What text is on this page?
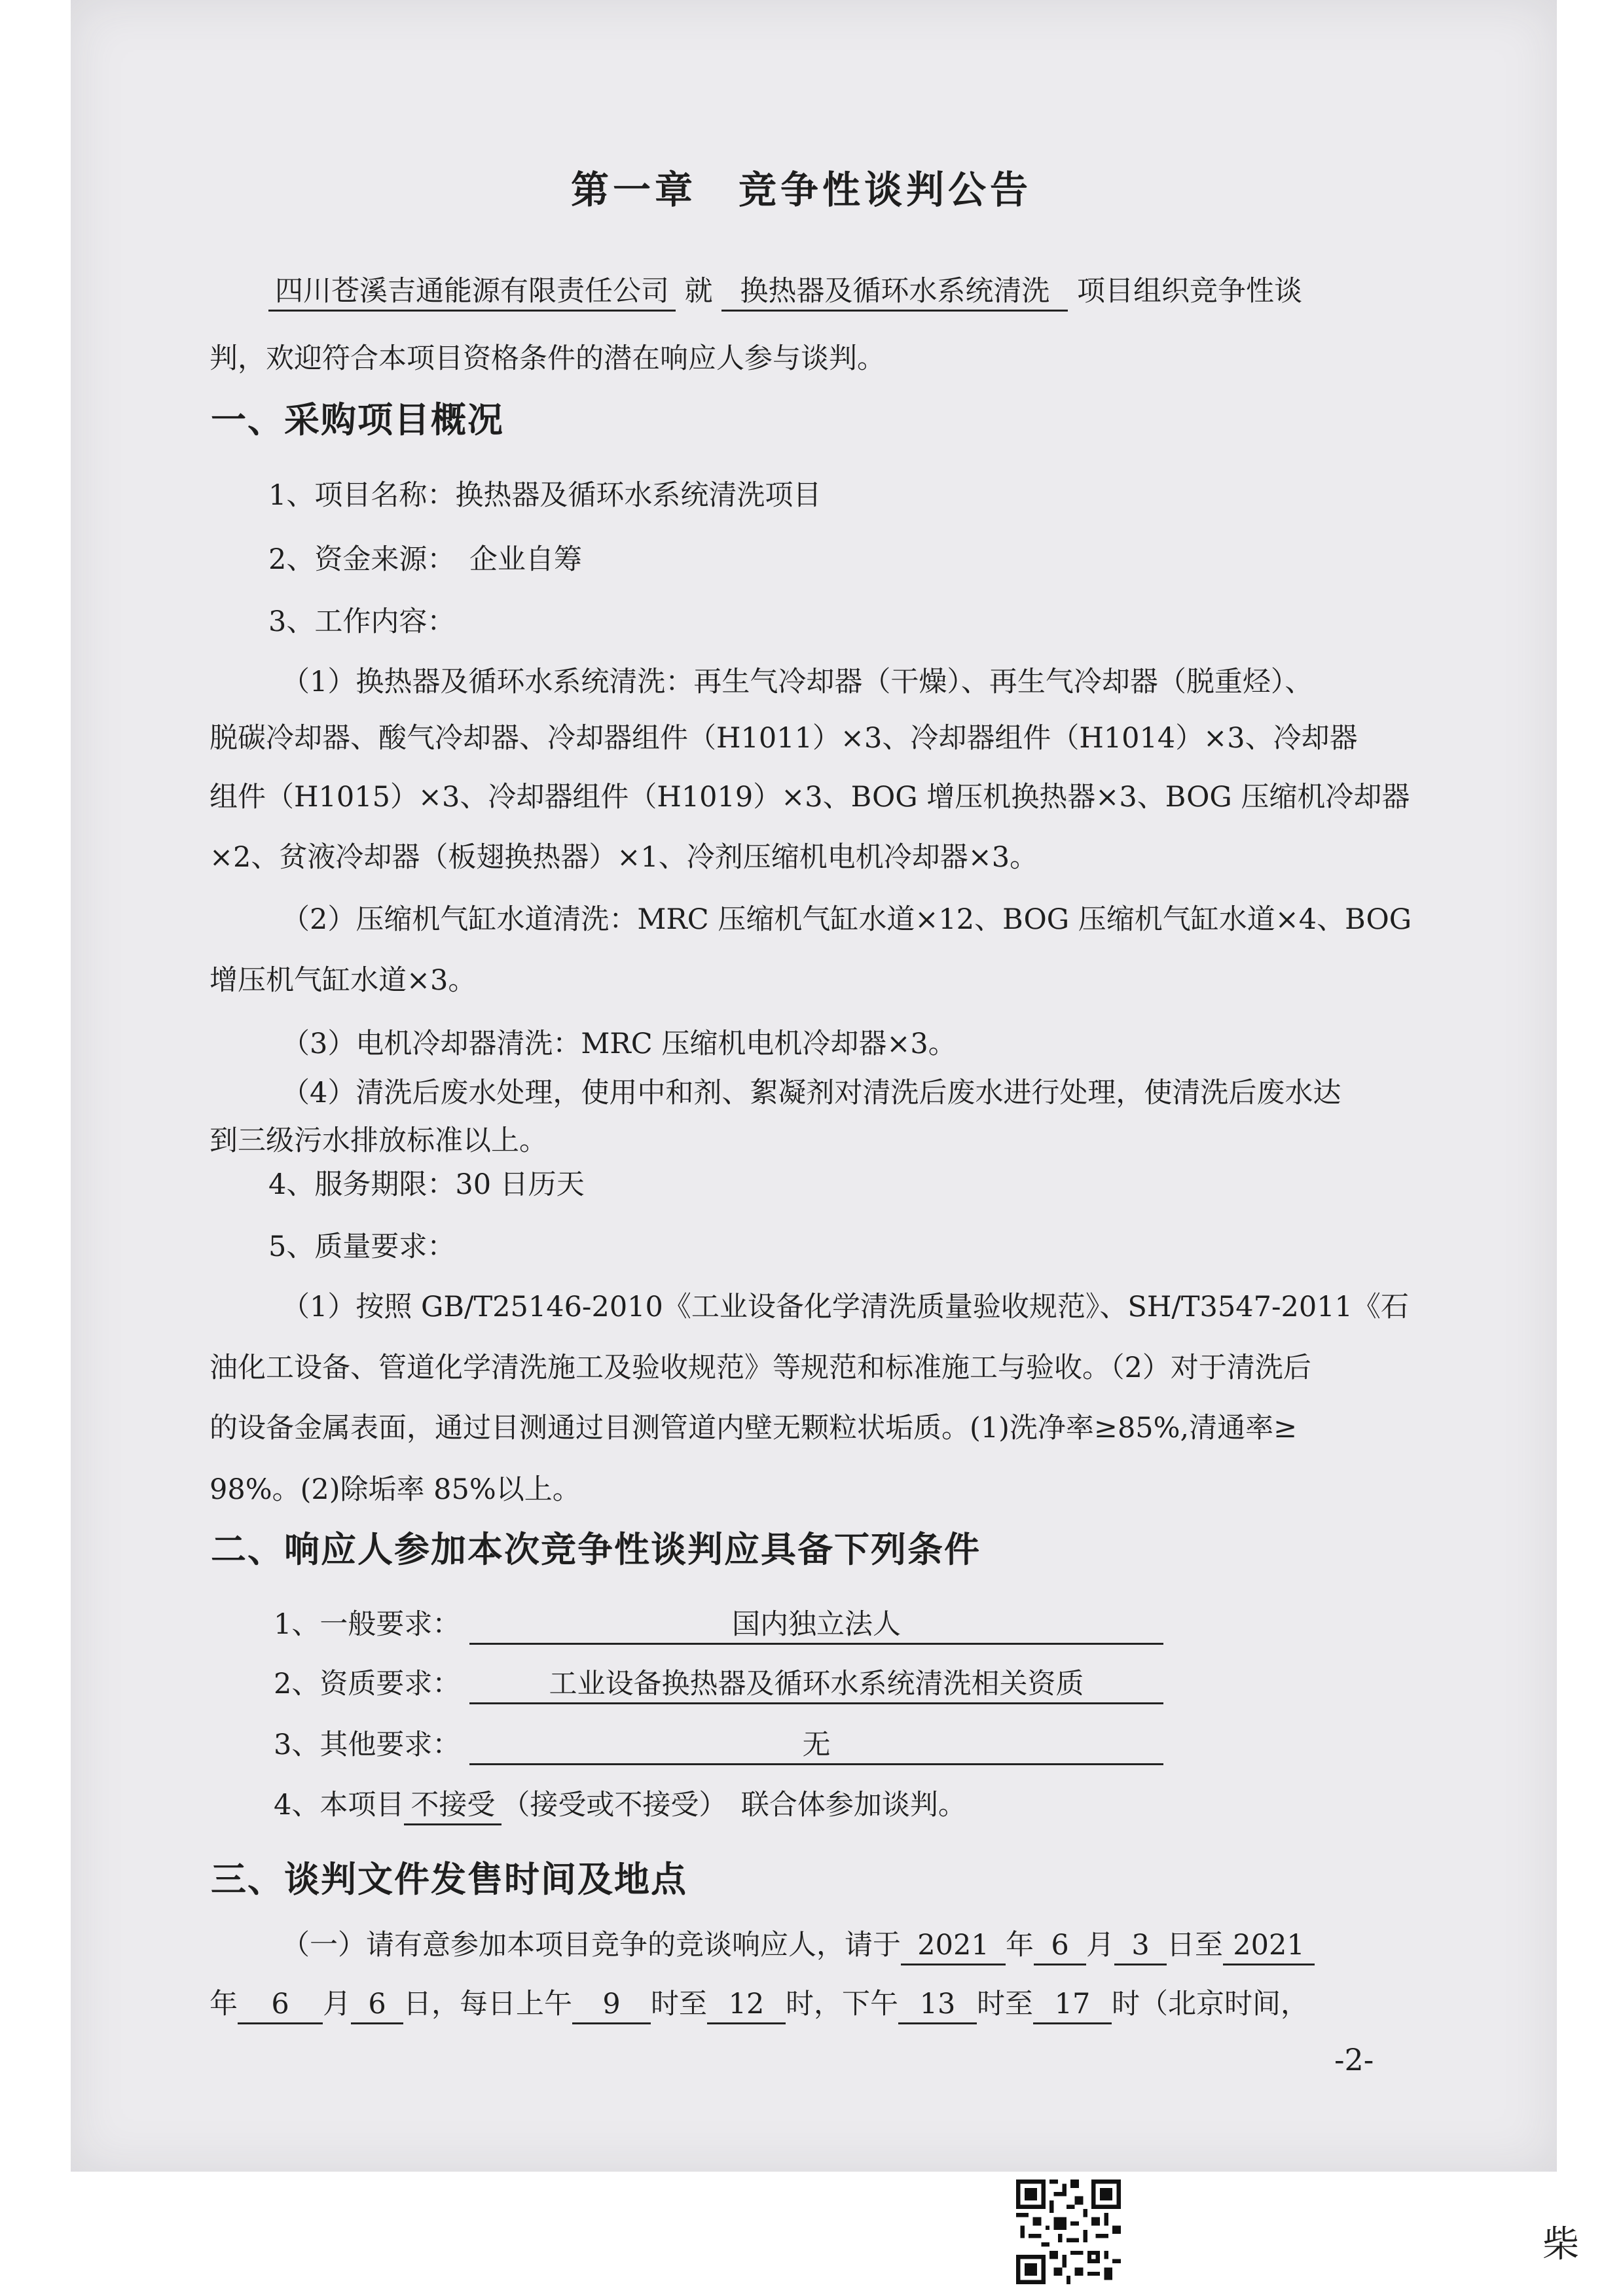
第一章　竞争性谈判公告
四川苍溪吉通能源有限责任公司 就 换热器及循环水系统清洗 项目组织竞争性谈
判，欢迎符合本项目资格条件的潜在响应人参与谈判。
一、采购项目概况
1、项目名称：换热器及循环水系统清洗项目
2、资金来源：　企业自筹
3、工作内容：
（1）换热器及循环水系统清洗：再生气冷却器（干燥）、再生气冷却器（脱重烃）、
脱碳冷却器、酸气冷却器、冷却器组件（H1011）×3、冷却器组件（H1014）×3、冷却器
组件（H1015）×3、冷却器组件（H1019）×3、BOG 增压机换热器×3、BOG 压缩机冷却器
×2、贫液冷却器（板翅换热器）×1、冷剂压缩机电机冷却器×3。
（2）压缩机气缸水道清洗：MRC 压缩机气缸水道×12、BOG 压缩机气缸水道×4、BOG
增压机气缸水道×3。
（3）电机冷却器清洗：MRC 压缩机电机冷却器×3。
（4）清洗后废水处理，使用中和剂、絮凝剂对清洗后废水进行处理，使清洗后废水达
到三级污水排放标准以上。
4、服务期限：30 日历天
5、质量要求：
（1）按照 GB/T25146-2010《工业设备化学清洗质量验收规范》、SH/T3547-2011《石
油化工设备、管道化学清洗施工及验收规范》等规范和标准施工与验收。（2）对于清洗后
的设备金属表面，通过目测通过目测管道内壁无颗粒状垢质。(1)洗净率≥85%,清通率≥
98%。(2)除垢率 85%以上。
二、响应人参加本次竞争性谈判应具备下列条件
1、一般要求：	国内独立法人
2、资质要求：	工业设备换热器及循环水系统清洗相关资质
3、其他要求：	无
4、本项目 不接受 （接受或不接受）　联合体参加谈判。
三、谈判文件发售时间及地点
（一）请有意参加本项目竞争的竞谈响应人，请于 2021 年 6 月 3 日至 2021
年 6 月 6 日，每日上午 9 时至 12 时，下午 13 时至 17 时（北京时间，
-2-
柴
